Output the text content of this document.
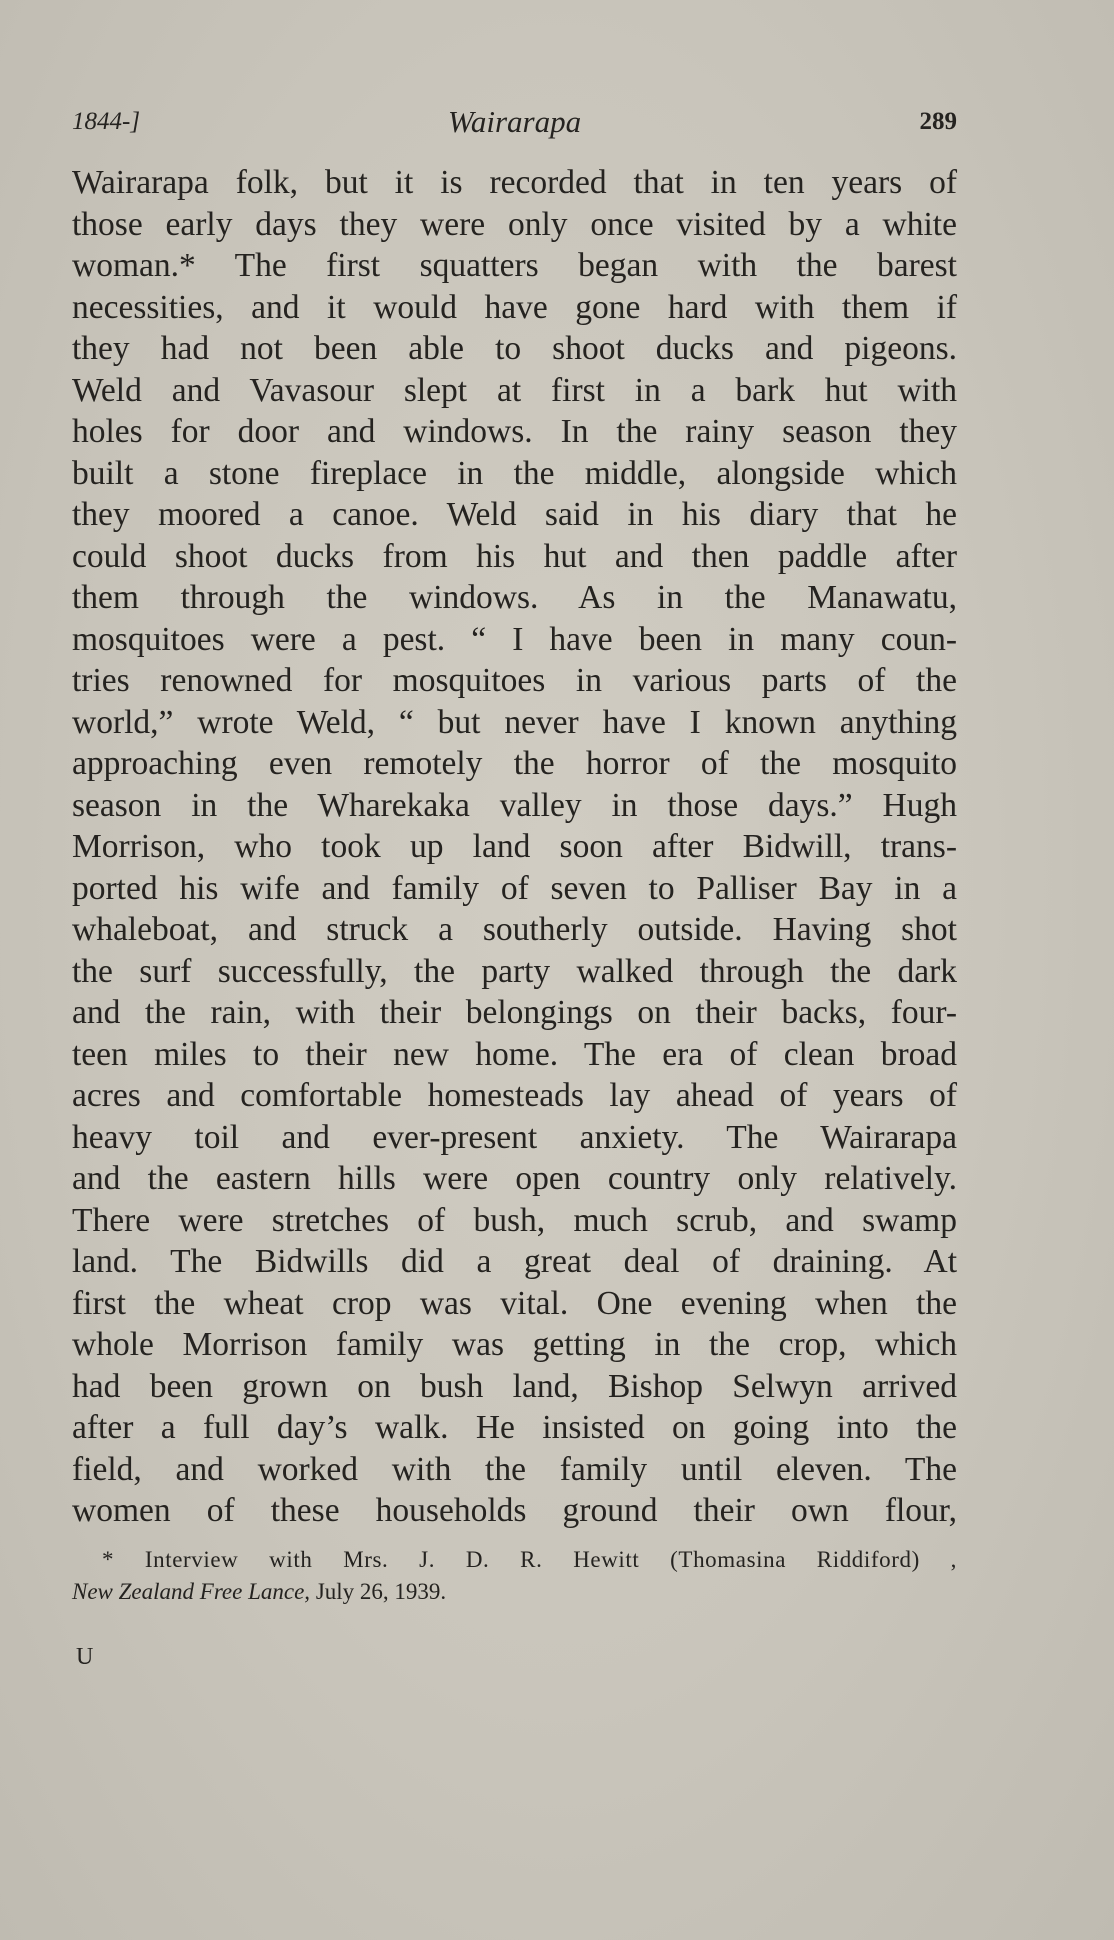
1844-]	Wairarapa	289
Wairarapa folk, but it is recorded that in ten years of
those early days they were only once visited by a white
woman.* The first squatters began with the barest
necessities, and it would have gone hard with them if
they had not been able to shoot ducks and pigeons.
Weld and Vavasour slept at first in a bark hut with
holes for door and windows. In the rainy season they
built a stone fireplace in the middle, alongside which
they moored a canoe. Weld said in his diary that he
could shoot ducks from his hut and then paddle after
them through the windows. As in the Manawatu,
mosquitoes were a pest. “ I have been in many coun-
tries renowned for mosquitoes in various parts of the
world,” wrote Weld, “ but never have I known anything
approaching even remotely the horror of the mosquito
season in the Wharekaka valley in those days.” Hugh
Morrison, who took up land soon after Bidwill, trans-
ported his wife and family of seven to Palliser Bay in a
whaleboat, and struck a southerly outside. Having shot
the surf successfully, the party walked through the dark
and the rain, with their belongings on their backs, four-
teen miles to their new home. The era of clean broad
acres and comfortable homesteads lay ahead of years of
heavy toil and ever-present anxiety. The Wairarapa
and the eastern hills were open country only relatively.
There were stretches of bush, much scrub, and swamp
land. The Bidwills did a great deal of draining. At
first the wheat crop was vital. One evening when the
whole Morrison family was getting in the crop, which
had been grown on bush land, Bishop Selwyn arrived
after a full day’s walk. He insisted on going into the
field, and worked with the family until eleven. The
women of these households ground their own flour,
* Interview with Mrs. J. D. R. Hewitt (Thomasina Riddiford) ,
New Zealand Free Lance, July 26, 1939.
U
